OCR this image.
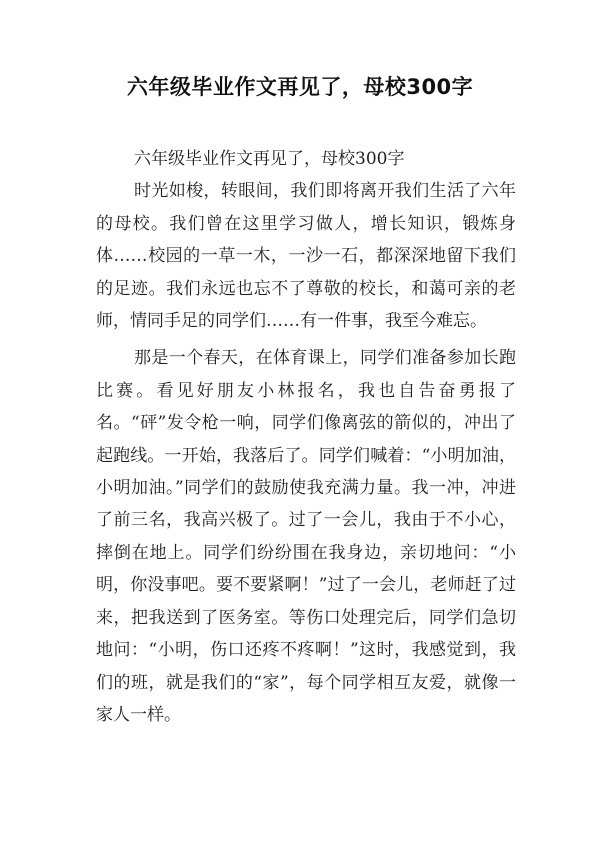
六年级毕业作文再见了，母校300字

六年级毕业作文再见了，母校300字

时光如梭，转眼间，我们即将离开我们生活了六年的母校。我们曾在这里学习做人，增长知识，锻炼身体……校园的一草一木，一沙一石，都深深地留下我们的足迹。我们永远也忘不了尊敬的校长，和蔼可亲的老师，情同手足的同学们……有一件事，我至今难忘。

那是一个春天，在体育课上，同学们准备参加长跑比赛。看见好朋友小林报名，我也自告奋勇报了名。“砰”发令枪一响，同学们像离弦的箭似的，冲出了起跑线。一开始，我落后了。同学们喊着：“小明加油，小明加油。”同学们的鼓励使我充满力量。我一冲，冲进了前三名，我高兴极了。过了一会儿，我由于不小心，摔倒在地上。同学们纷纷围在我身边，亲切地问：“小明，你没事吧。要不要紧啊！”过了一会儿，老师赶了过来，把我送到了医务室。等伤口处理完后，同学们急切地问：“小明，伤口还疼不疼啊！”这时，我感觉到，我们的班，就是我们的“家”，每个同学相互友爱，就像一家人一样。
